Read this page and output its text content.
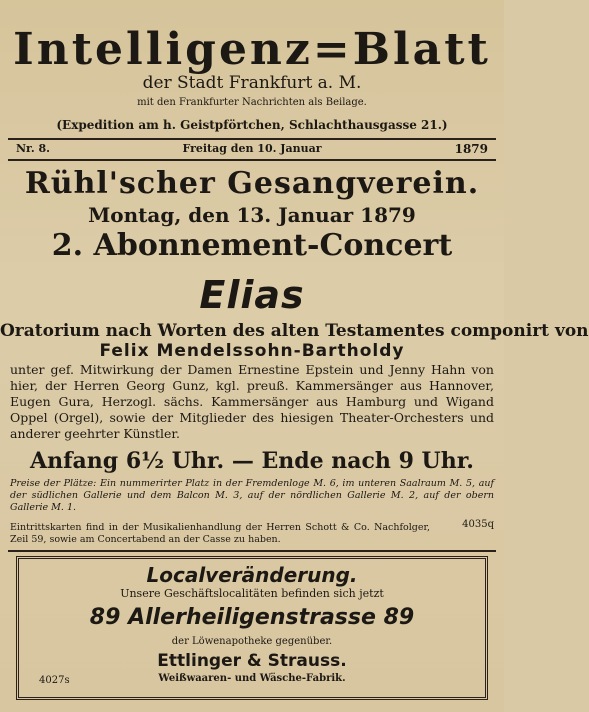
Intelligenz=Blatt
der Stadt Frankfurt a. M.
mit den Frankfurter Nachrichten als Beilage.
(Expedition am h. Geistpförtchen, Schlachthausgasse 21.)
Nr. 8.	Freitag den 10. Januar	1879
Rühl'scher Gesangverein.
Montag, den 13. Januar 1879
2. Abonnement-Concert
Elias
Oratorium nach Worten des alten Testamentes componirt von
Felix Mendelssohn-Bartholdy
unter gef. Mitwirkung der Damen Ernestine Epstein und Jenny Hahn von hier, der Herren Georg Gunz, kgl. preuß. Kammersänger aus Hannover, Eugen Gura, Herzogl. sächs. Kammersänger aus Hamburg und Wigand Oppel (Orgel), sowie der Mitglieder des hiesigen Theater-Orchesters und anderer geehrter Künstler.
Anfang 6½ Uhr. — Ende nach 9 Uhr.
Preise der Plätze: Ein nummerirter Platz in der Fremdenloge M. 6, im unteren Saalraum M. 5, auf der südlichen Gallerie und dem Balcon M. 3, auf der nördlichen Gallerie M. 2, auf der obern Gallerie M. 1.
Eintrittskarten find in der Musikalienhandlung der Herren Schott & Co. Nachfolger, Zeil 59, sowie am Concertabend an der Casse zu haben.
4035q
Localveränderung.
Unsere Geschäftslocalitäten befinden sich jetzt
89 Allerheiligenstrasse 89
der Löwenapotheke gegenüber.
Ettlinger & Strauss.
Weißwaaren- und Wäsche-Fabrik.
4027s
